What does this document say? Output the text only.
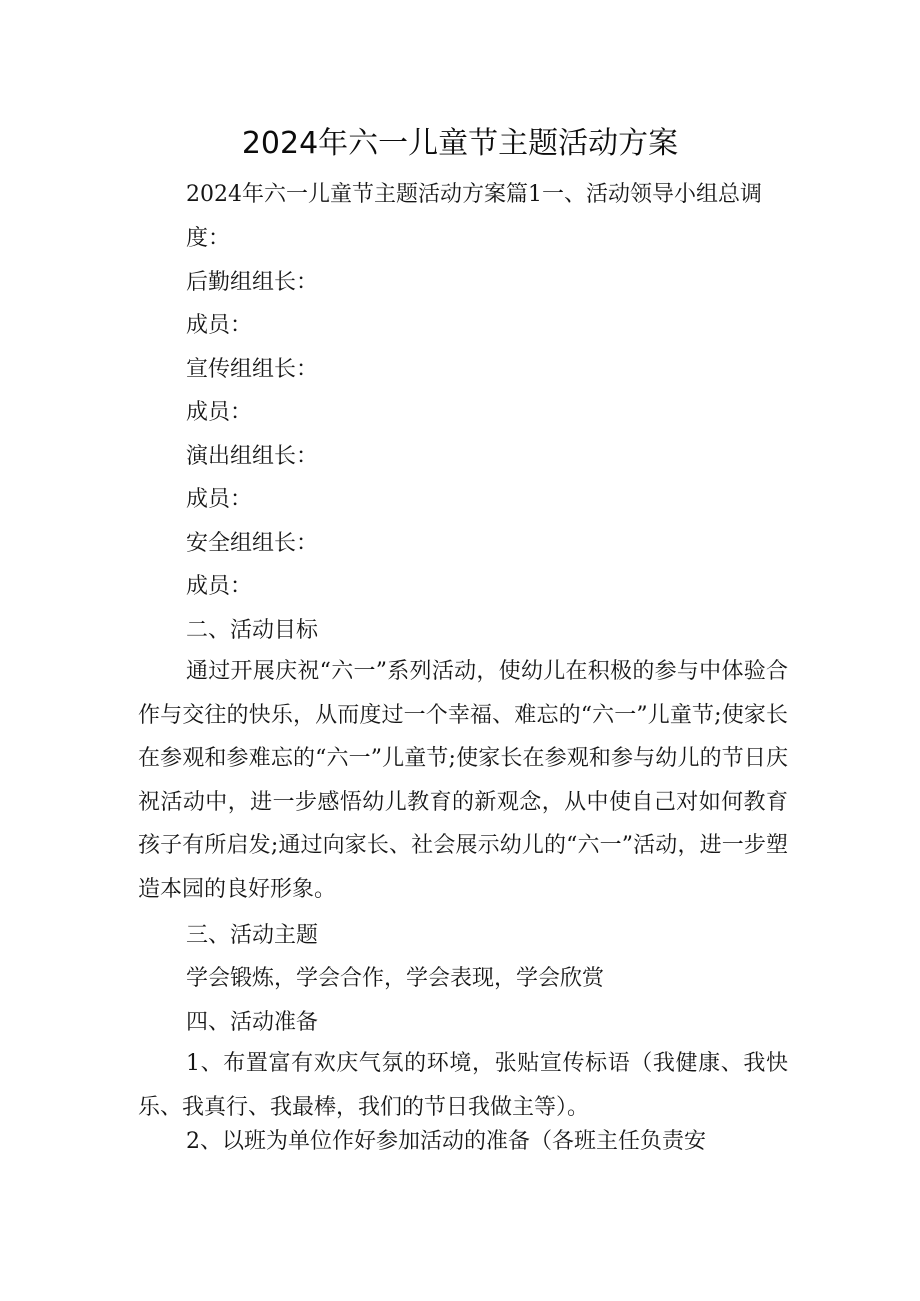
2024年六一儿童节主题活动方案
2024年六一儿童节主题活动方案篇1一、活动领导小组总调
度：
后勤组组长：
成员：
宣传组组长：
成员：
演出组组长：
成员：
安全组组长：
成员：
二、活动目标
通过开展庆祝“六一”系列活动，使幼儿在积极的参与中体验合作与交往的快乐，从而度过一个幸福、难忘的“六一”儿童节;使家长在参观和参难忘的“六一”儿童节;使家长在参观和参与幼儿的节日庆祝活动中，进一步感悟幼儿教育的新观念，从中使自己对如何教育孩子有所启发;通过向家长、社会展示幼儿的“六一”活动，进一步塑造本园的良好形象。
三、活动主题
学会锻炼，学会合作，学会表现，学会欣赏
四、活动准备
1、布置富有欢庆气氛的环境，张贴宣传标语（我健康、我快乐、我真行、我最棒，我们的节日我做主等）。
2、以班为单位作好参加活动的准备（各班主任负责安
